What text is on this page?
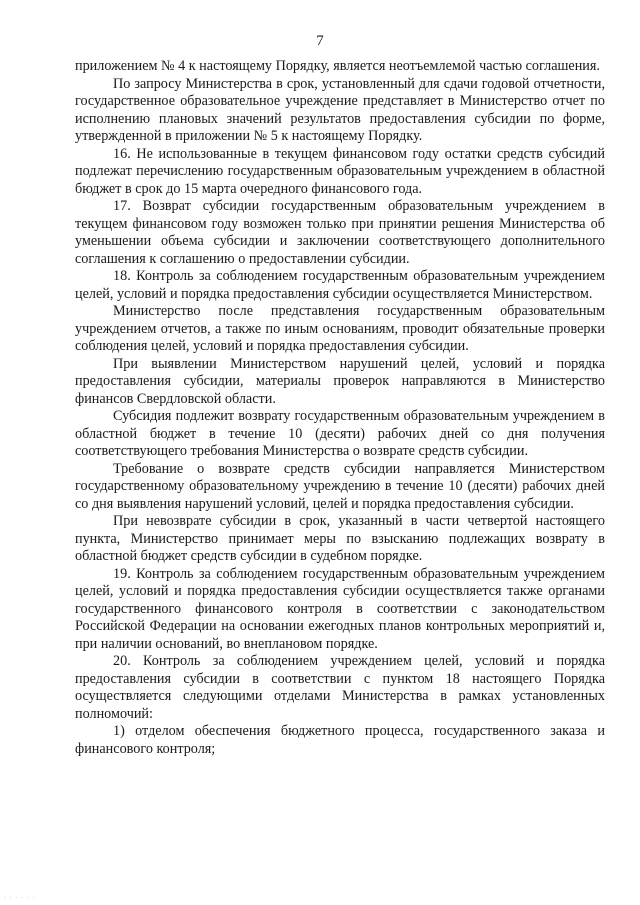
7

приложением № 4 к настоящему Порядку, является неотъемлемой частью соглашения.

По запросу Министерства в срок, установленный для сдачи годовой отчетности, государственное образовательное учреждение представляет в Министерство отчет по исполнению плановых значений результатов предоставления субсидии по форме, утвержденной в приложении № 5 к настоящему Порядку.

16. Не использованные в текущем финансовом году остатки средств субсидий подлежат перечислению государственным образовательным учреждением в областной бюджет в срок до 15 марта очередного финансового года.

17. Возврат субсидии государственным образовательным учреждением в текущем финансовом году возможен только при принятии решения Министерства об уменьшении объема субсидии и заключении соответствующего дополнительного соглашения к соглашению о предоставлении субсидии.

18. Контроль за соблюдением государственным образовательным учреждением целей, условий и порядка предоставления субсидии осуществляется Министерством.

Министерство после представления государственным образовательным учреждением отчетов, а также по иным основаниям, проводит обязательные проверки соблюдения целей, условий и порядка предоставления субсидии.

При выявлении Министерством нарушений целей, условий и порядка предоставления субсидии, материалы проверок направляются в Министерство финансов Свердловской области.

Субсидия подлежит возврату государственным образовательным учреждением в областной бюджет в течение 10 (десяти) рабочих дней со дня получения соответствующего требования Министерства о возврате средств субсидии.

Требование о возврате средств субсидии направляется Министерством государственному образовательному учреждению в течение 10 (десяти) рабочих дней со дня выявления нарушений условий, целей и порядка предоставления субсидии.

При невозврате субсидии в срок, указанный в части четвертой настоящего пункта, Министерство принимает меры по взысканию подлежащих возврату в областной бюджет средств субсидии в судебном порядке.

19. Контроль за соблюдением государственным образовательным учреждением целей, условий и порядка предоставления субсидии осуществляется также органами государственного финансового контроля в соответствии с законодательством Российской Федерации на основании ежегодных планов контрольных мероприятий и, при наличии оснований, во внеплановом порядке.

20. Контроль за соблюдением учреждением целей, условий и порядка предоставления субсидии в соответствии с пунктом 18 настоящего Порядка осуществляется следующими отделами Министерства в рамках установленных полномочий:

1) отделом обеспечения бюджетного процесса, государственного заказа и финансового контроля;

· · · · · ·
